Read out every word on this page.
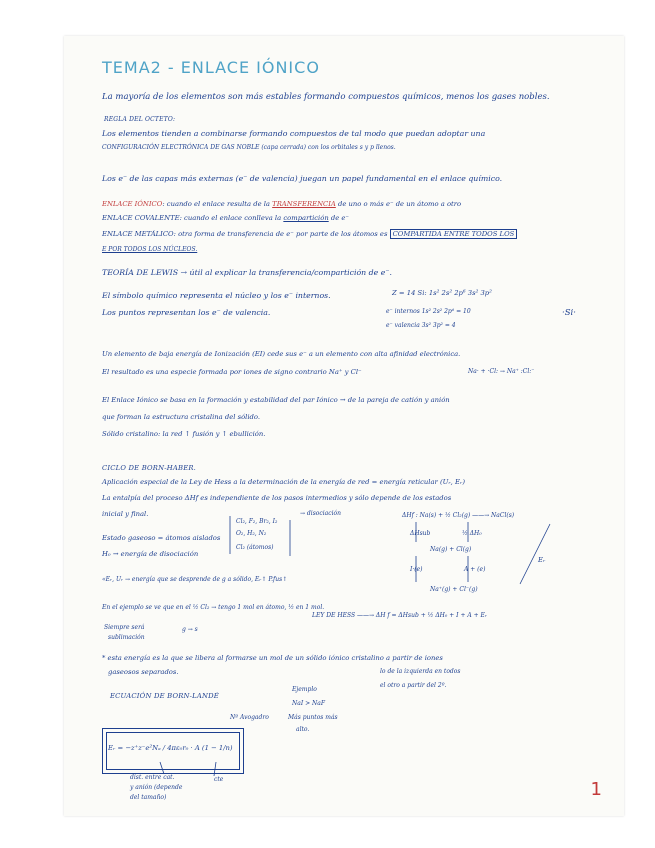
TEMA2 - ENLACE IÓNICO
La mayoría de los elementos son más estables formando compuestos químicos, menos los gases nobles.
REGLA DEL OCTETO:
Los elementos tienden a combinarse formando compuestos de tal modo que puedan adoptar una
CONFIGURACIÓN ELECTRÓNICA DE GAS NOBLE (capa cerrada) con los orbitales s y p llenos.
Los e⁻ de las capas más externas (e⁻ de valencia) juegan un papel fundamental en el enlace químico.
ENLACE IÓNICO: cuando el enlace resulta de la TRANSFERENCIA de uno o más e⁻ de un átomo a otro
ENLACE COVALENTE: cuando el enlace conlleva la compartición de e⁻
ENLACE METÁLICO: otra forma de transferencia de e⁻ por parte de los átomos es COMPARTIDA ENTRE TODOS LOS
E POR TODOS LOS NÚCLEOS.
TEORÍA DE LEWIS → útil al explicar la transferencia/compartición de e⁻.
El símbolo químico representa el núcleo y los e⁻ internos.
Los puntos representan los e⁻ de valencia.
Z = 14 Si: 1s² 2s² 2p⁶ 3s² 3p²
e⁻ internos 1s² 2s² 2p⁶ = 10
e⁻ valencia 3s² 3p² = 4
·Si·
Un elemento de baja energía de Ionización (EI) cede sus e⁻ a un elemento con alta afinidad electrónica.
El resultado es una especie formada por iones de signo contrario Na⁺ y Cl⁻	Na· + ·Cl: → Na⁺ :Cl:⁻
El Enlace Iónico se basa en la formación y estabilidad del par Iónico → de la pareja de catión y anión
que forman la estructura cristalina del sólido.
Sólido cristalino: la red ↑ fusión y ↑ ebullición.
CICLO DE BORN-HABER.
Aplicación especial de la Ley de Hess a la determinación de la energía de red = energía reticular (Uᵣ, Eᵣ)
La entalpía del proceso ΔHf es independiente de los pasos intermedios y sólo depende de los estados
inicial y final.
Estado gaseoso = átomos aislados
Cl₂, F₂, Br₂, I₂
O₂, H₂, N₂
Cl₂ (átomos)
→ disociación
H₀ → energía de disociación
ΔHf : Na(s) + ½ Cl₂(g) ——→ NaCl(s)
ΔHsub	½ ΔH₀
Na(g) + Cl(g)
I·(e)	A + (e)
Na⁺(g) + Cl⁻(g)
Eᵣ
«Eᵣ, Uᵣ → energía que se desprende de g a sólido, Eᵣ↑ P.fus↑
En el ejemplo se ve que en el ½ Cl₂ → tengo 1 mol en átomo, ½ en 1 mol.
Siempre será
sublimación
g → s
LEY DE HESS ——→ ΔH f = ΔHsub + ½ ΔH₀ + I + A + Eᵣ
* esta energía es la que se libera al formarse un mol de un sólido iónico cristalino a partir de iones
gaseosos separados.	lo de la izquierda en todos
el otro a partir del 2º.
ECUACIÓN DE BORN-LANDÉ
Nº Avogadro
Eᵣ = −z⁺z⁻e²Nₐ / 4πε₀r₀ · A (1 − 1/n)
dist. entre cat.
y anión (depende
del tamaño)
cte
Ejemplo
NaI > NaF
Más puntos más
alto.
1
